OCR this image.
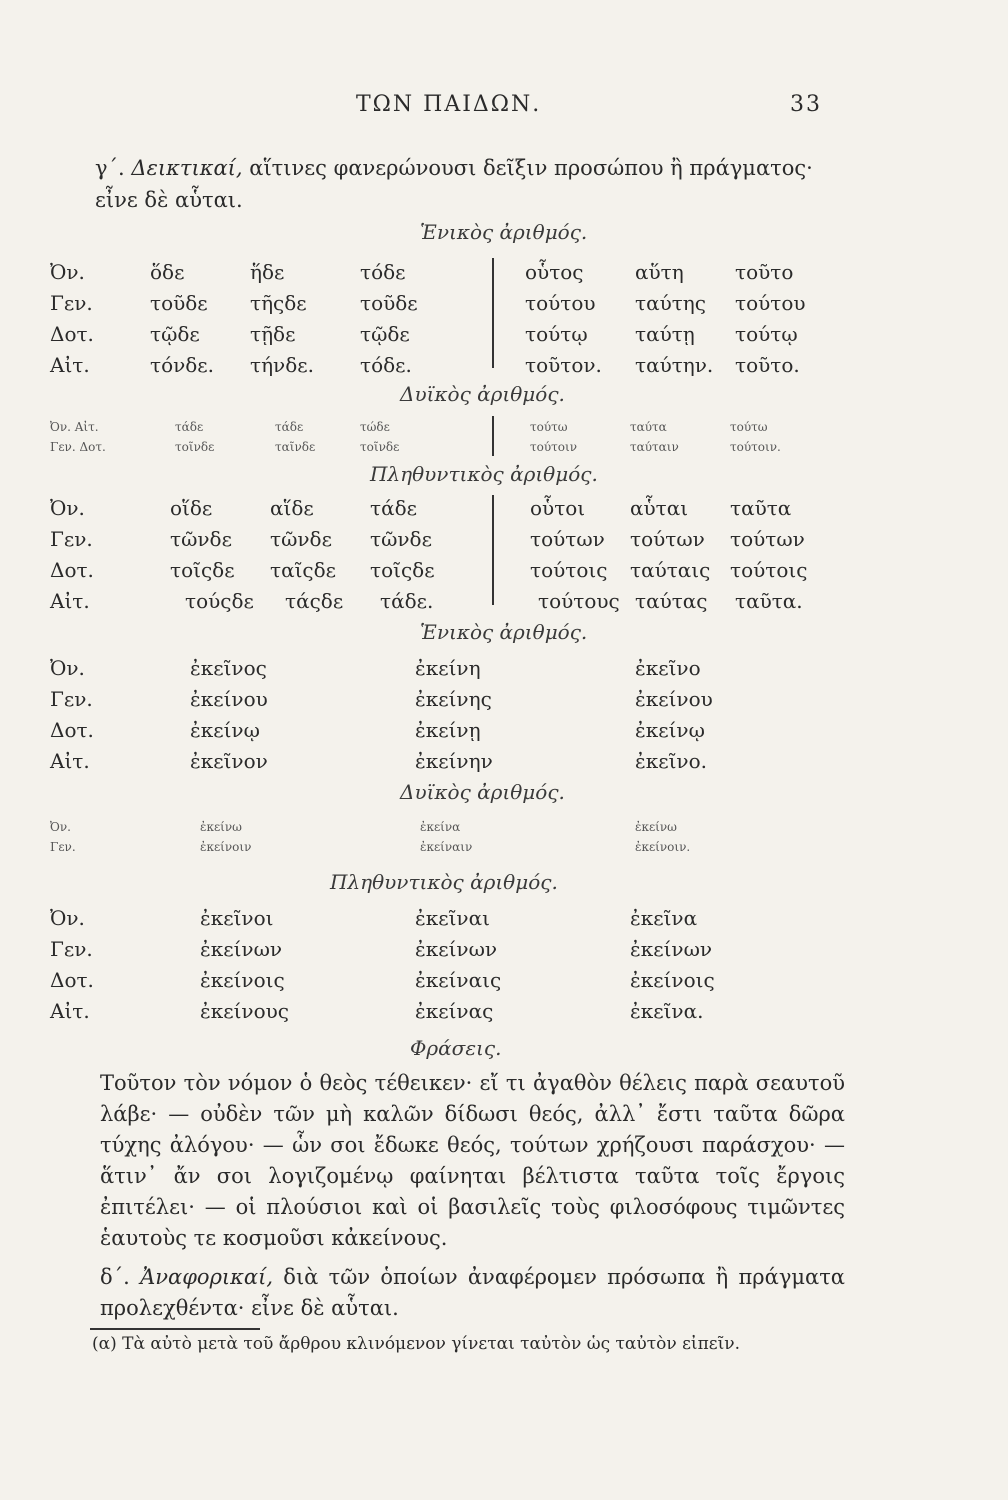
ΤΩΝ ΠΑΙΔΩΝ.	33
γ΄. Δεικτικαί, αἵτινες φανερώνουσι δεῖξιν προσώπου ἢ πράγματος· εἶνε δὲ αὗται.
Ἑνικὸς ἀριθμός.
Ὀν.	ὅδε	ἥδε	τόδε	οὗτος	αὕτη	τοῦτο
Γεν.	τοῦδε τῆςδε	τοῦδε	τούτου ταύτης τούτου
Δοτ.	τῷδε	τῇδε	τῷδε	τούτῳ ταύτῃ τούτῳ
Αἰτ.	τόνδε. τήνδε. τόδε.	τοῦτον. ταύτην. τοῦτο.
Δυϊκὸς ἀριθμός.
Ὀν. Αἰτ.	τάδε	τάδε	τώδε	τούτω	ταύτα	τούτω
Γεν. Δοτ.	τοῖνδε	ταῖνδε	τοῖνδε	τούτοιν	ταύταιν	τούτοιν.
Πληθυντικὸς ἀριθμός.
Ὀν.	οἵδε	αἵδε	τάδε	οὗτοι αὗται ταῦτα
Γεν.	τῶνδε τῶνδε τῶνδε	τούτων τούτων τούτων
Δοτ.	τοῖςδε ταῖςδε τοῖςδε	τούτοις ταύταις τούτοις
Αἰτ.	τούςδε τάςδε τάδε.	τούτους ταύτας ταῦτα.
Ἑνικὸς ἀριθμός.
Ὀν.	ἐκεῖνος	ἐκείνη	ἐκεῖνο
Γεν.	ἐκείνου	ἐκείνης	ἐκείνου
Δοτ.	ἐκείνῳ	ἐκείνῃ	ἐκείνῳ
Αἰτ.	ἐκεῖνον	ἐκείνην	ἐκεῖνο.
Δυϊκὸς ἀριθμός.
Ὀν.	ἐκείνω	ἐκείνα	ἐκείνω
Γεν.	ἐκείνοιν	ἐκείναιν	ἐκείνοιν.
Πληθυντικὸς ἀριθμός.
Ὀν.	ἐκεῖνοι	ἐκεῖναι	ἐκεῖνα
Γεν.	ἐκείνων	ἐκείνων	ἐκείνων
Δοτ.	ἐκείνοις	ἐκείναις	ἐκείνοις
Αἰτ.	ἐκείνους	ἐκείνας	ἐκεῖνα.
Φράσεις.
Τοῦτον τὸν νόμον ὁ θεὸς τέθεικεν· εἴ τι ἀγαθὸν θέλεις παρὰ σεαυτοῦ λάβε· — οὐδὲν τῶν μὴ καλῶν δίδωσι θεός, ἀλλ᾽ ἔστι ταῦτα δῶρα τύχης ἀλόγου· — ὧν σοι ἔδωκε θεός, τούτων χρήζουσι παράσχου· — ἅτιν᾽ ἄν σοι λογιζομένῳ φαίνηται βέλτιστα ταῦτα τοῖς ἔργοις ἐπιτέλει· — οἱ πλούσιοι καὶ οἱ βασιλεῖς τοὺς φιλοσόφους τιμῶντες ἑαυτοὺς τε κοσμοῦσι κἀκείνους.
δ΄. Ἀναφορικαί, διὰ τῶν ὁποίων ἀναφέρομεν πρόσωπα ἢ πράγματα προλεχθέντα· εἶνε δὲ αὗται.
(α) Τὰ αὐτὸ μετὰ τοῦ ἄρθρου κλινόμενον γίνεται ταὐτὸν ὡς ταὐτὸν εἰπεῖν.
